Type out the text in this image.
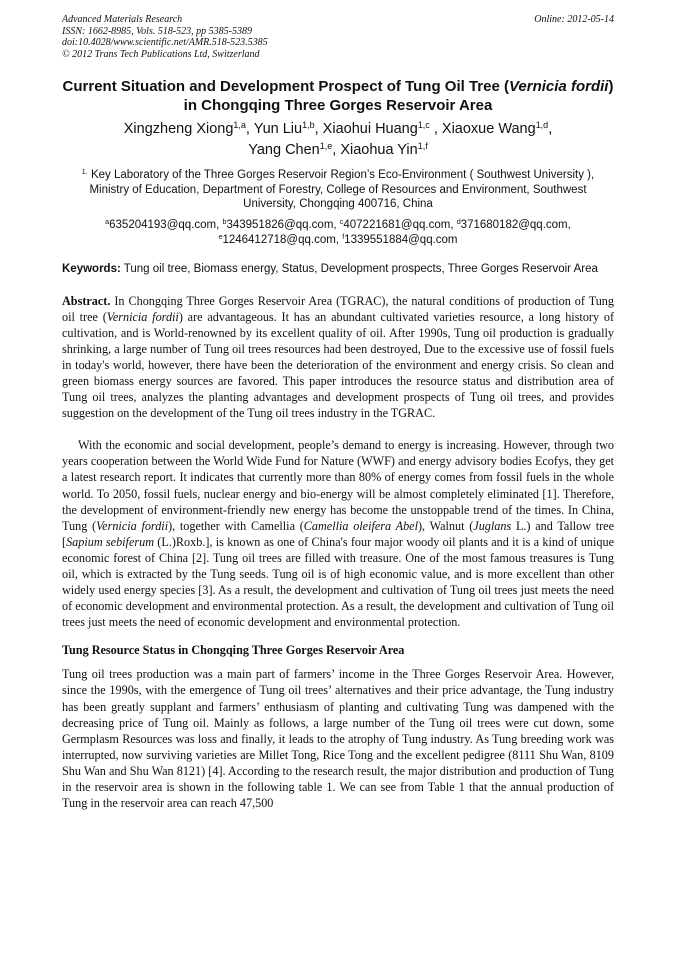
Advanced Materials Research
ISSN: 1662-8985, Vols. 518-523, pp 5385-5389
doi:10.4028/www.scientific.net/AMR.518-523.5385
© 2012 Trans Tech Publications Ltd, Switzerland
Online: 2012-05-14
Current Situation and Development Prospect of Tung Oil Tree (Vernicia fordii) in Chongqing Three Gorges Reservoir Area
Xingzheng Xiong$^{1,a}$, Yun Liu$^{1,b}$, Xiaohui Huang$^{1,c}$ , Xiaoxue Wang$^{1,d}$,
Yang Chen$^{1,e}$, Xiaohua Yin$^{1,f}$
$^{1.}$ Key Laboratory of the Three Gorges Reservoir Region’s Eco-Environment ( Southwest University ), Ministry of Education, Department of Forestry, College of Resources and Environment, Southwest University, Chongqing 400716, China
$^a$635204193@qq.com, $^b$343951826@qq.com, $^c$407221681@qq.com, $^d$371680182@qq.com,
$^e$1246412718@qq.com, $^f$1339551884@qq.com
Keywords: Tung oil tree, Biomass energy, Status, Development prospects, Three Gorges Reservoir Area
Abstract. In Chongqing Three Gorges Reservoir Area (TGRAC), the natural conditions of production of Tung oil tree (Vernicia fordii) are advantageous. It has an abundant cultivated varieties resource, a long history of cultivation, and is World-renowned by its excellent quality of oil. After 1990s, Tung oil production is gradually shrinking, a large number of Tung oil trees resources had been destroyed, Due to the excessive use of fossil fuels in today's world, however, there have been the deterioration of the environment and energy crisis. So clean and green biomass energy sources are favored. This paper introduces the resource status and distribution area of Tung oil trees, analyzes the planting advantages and development prospects of Tung oil trees, and provides suggestion on the development of the Tung oil trees industry in the TGRAC.
With the economic and social development, people’s demand to energy is increasing. However, through two years cooperation between the World Wide Fund for Nature (WWF) and energy advisory bodies Ecofys, they get a latest research report. It indicates that currently more than 80% of energy comes from fossil fuels in the whole world. To 2050, fossil fuels, nuclear energy and bio-energy will be almost completely eliminated [1]. Therefore, the development of environment-friendly new energy has become the unstoppable trend of the times. In China, Tung (Vernicia fordii), together with Camellia (Camellia oleifera Abel), Walnut (Juglans L.) and Tallow tree [Sapium sebiferum (L.)Roxb.], is known as one of China's four major woody oil plants and it is a kind of unique economic forest of China [2]. Tung oil trees are filled with treasure. One of the most famous treasures is Tung oil, which is extracted by the Tung seeds. Tung oil is of high economic value, and is more excellent than other widely used energy species [3]. As a result, the development and cultivation of Tung oil trees just meets the need of economic development and environmental protection. As a result, the development and cultivation of Tung oil trees just meets the need of economic development and environmental protection.
Tung Resource Status in Chongqing Three Gorges Reservoir Area
Tung oil trees production was a main part of farmers’ income in the Three Gorges Reservoir Area. However, since the 1990s, with the emergence of Tung oil trees’ alternatives and their price advantage, the Tung industry has been greatly supplant and farmers’ enthusiasm of planting and cultivating Tung was dampened with the decreasing price of Tung oil. Mainly as follows, a large number of the Tung oil trees were cut down, some Germplasm Resources was loss and finally, it leads to the atrophy of Tung industry. As Tung breeding work was interrupted, now surviving varieties are Millet Tong, Rice Tong and the excellent pedigree (8111 Shu Wan, 8109 Shu Wan and Shu Wan 8121) [4]. According to the research result, the major distribution and production of Tung in the reservoir area is shown in the following table 1. We can see from Table 1 that the annual production of Tung in the reservoir area can reach 47,500
